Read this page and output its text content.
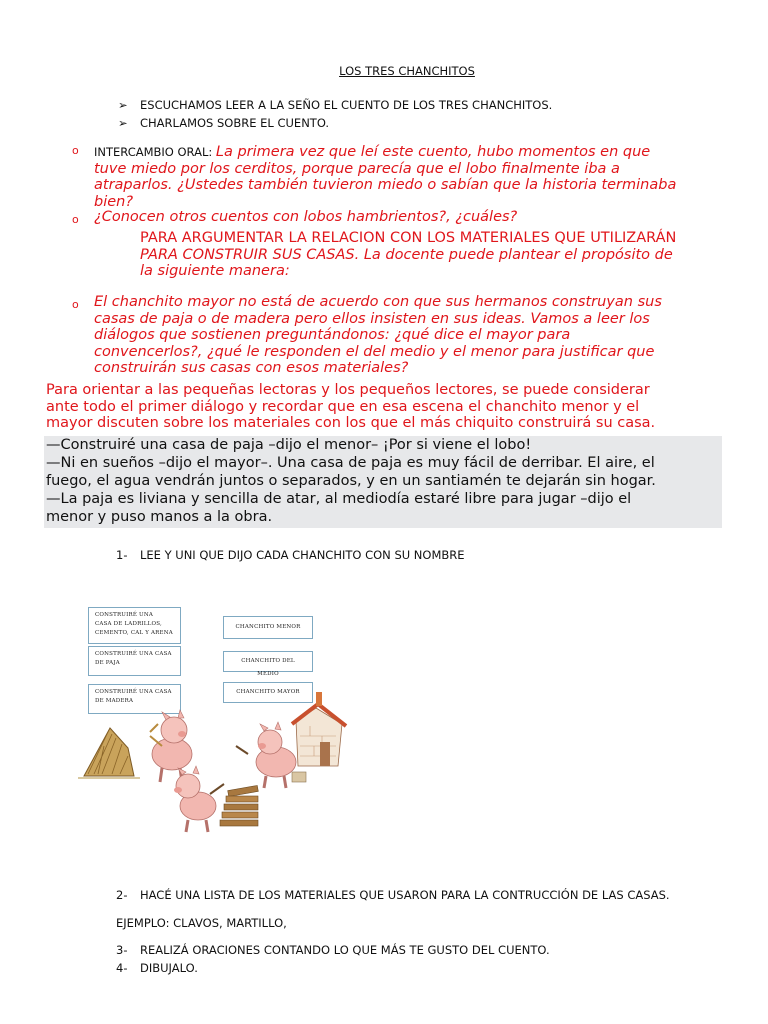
LOS TRES CHANCHITOS
➢	ESCUCHAMOS LEER A LA SEÑO EL CUENTO DE LOS TRES CHANCHITOS.
➢	CHARLAMOS SOBRE EL CUENTO.
o INTERCAMBIO ORAL: La primera vez que leí este cuento, hubo momentos en que
tuve miedo por los cerditos, porque parecía que el lobo finalmente iba a
atraparlos. ¿Ustedes también tuvieron miedo o sabían que la historia terminaba
bien?
o ¿Conocen otros cuentos con lobos hambrientos?, ¿cuáles?
PARA ARGUMENTAR LA RELACION CON LOS MATERIALES QUE UTILIZARÁN
PARA CONSTRUIR SUS CASAS. La docente puede plantear el propósito de
la siguiente manera:
o El chanchito mayor no está de acuerdo con que sus hermanos construyan sus
casas de paja o de madera pero ellos insisten en sus ideas. Vamos a leer los
diálogos que sostienen preguntándonos: ¿qué dice el mayor para
convencerlos?, ¿qué le responden el del medio y el menor para justificar que
construirán sus casas con esos materiales?
Para orientar a las pequeñas lectoras y los pequeños lectores, se puede considerar
ante todo el primer diálogo y recordar que en esa escena el chanchito menor y el
mayor discuten sobre los materiales con los que el más chiquito construirá su casa.
—Construiré una casa de paja –dijo el menor– ¡Por si viene el lobo!
—Ni en sueños –dijo el mayor–. Una casa de paja es muy fácil de derribar. El aire, el
fuego, el agua vendrán juntos o separados, y en un santiamén te dejarán sin hogar.
—La paja es liviana y sencilla de atar, al mediodía estaré libre para jugar –dijo el
menor y puso manos a la obra.
1-	LEE Y UNI QUE DIJO CADA CHANCHITO CON SU NOMBRE
CONSTRUIRÉ UNA
CASA DE LADRILLOS,
CEMENTO, CAL Y ARENA
CONSTRUIRÉ UNA CASA
DE PAJA
CONSTRUIRÉ UNA CASA
DE MADERA
CHANCHITO MENOR
CHANCHITO DEL MEDIO
CHANCHITO MAYOR
2-	HACÉ UNA LISTA DE LOS MATERIALES QUE USARON PARA LA CONTRUCCIÓN DE LAS CASAS.
EJEMPLO: CLAVOS, MARTILLO,
3-	REALIZÁ ORACIONES CONTANDO LO QUE MÁS TE GUSTO DEL CUENTO.
4-	DIBUJALO.
